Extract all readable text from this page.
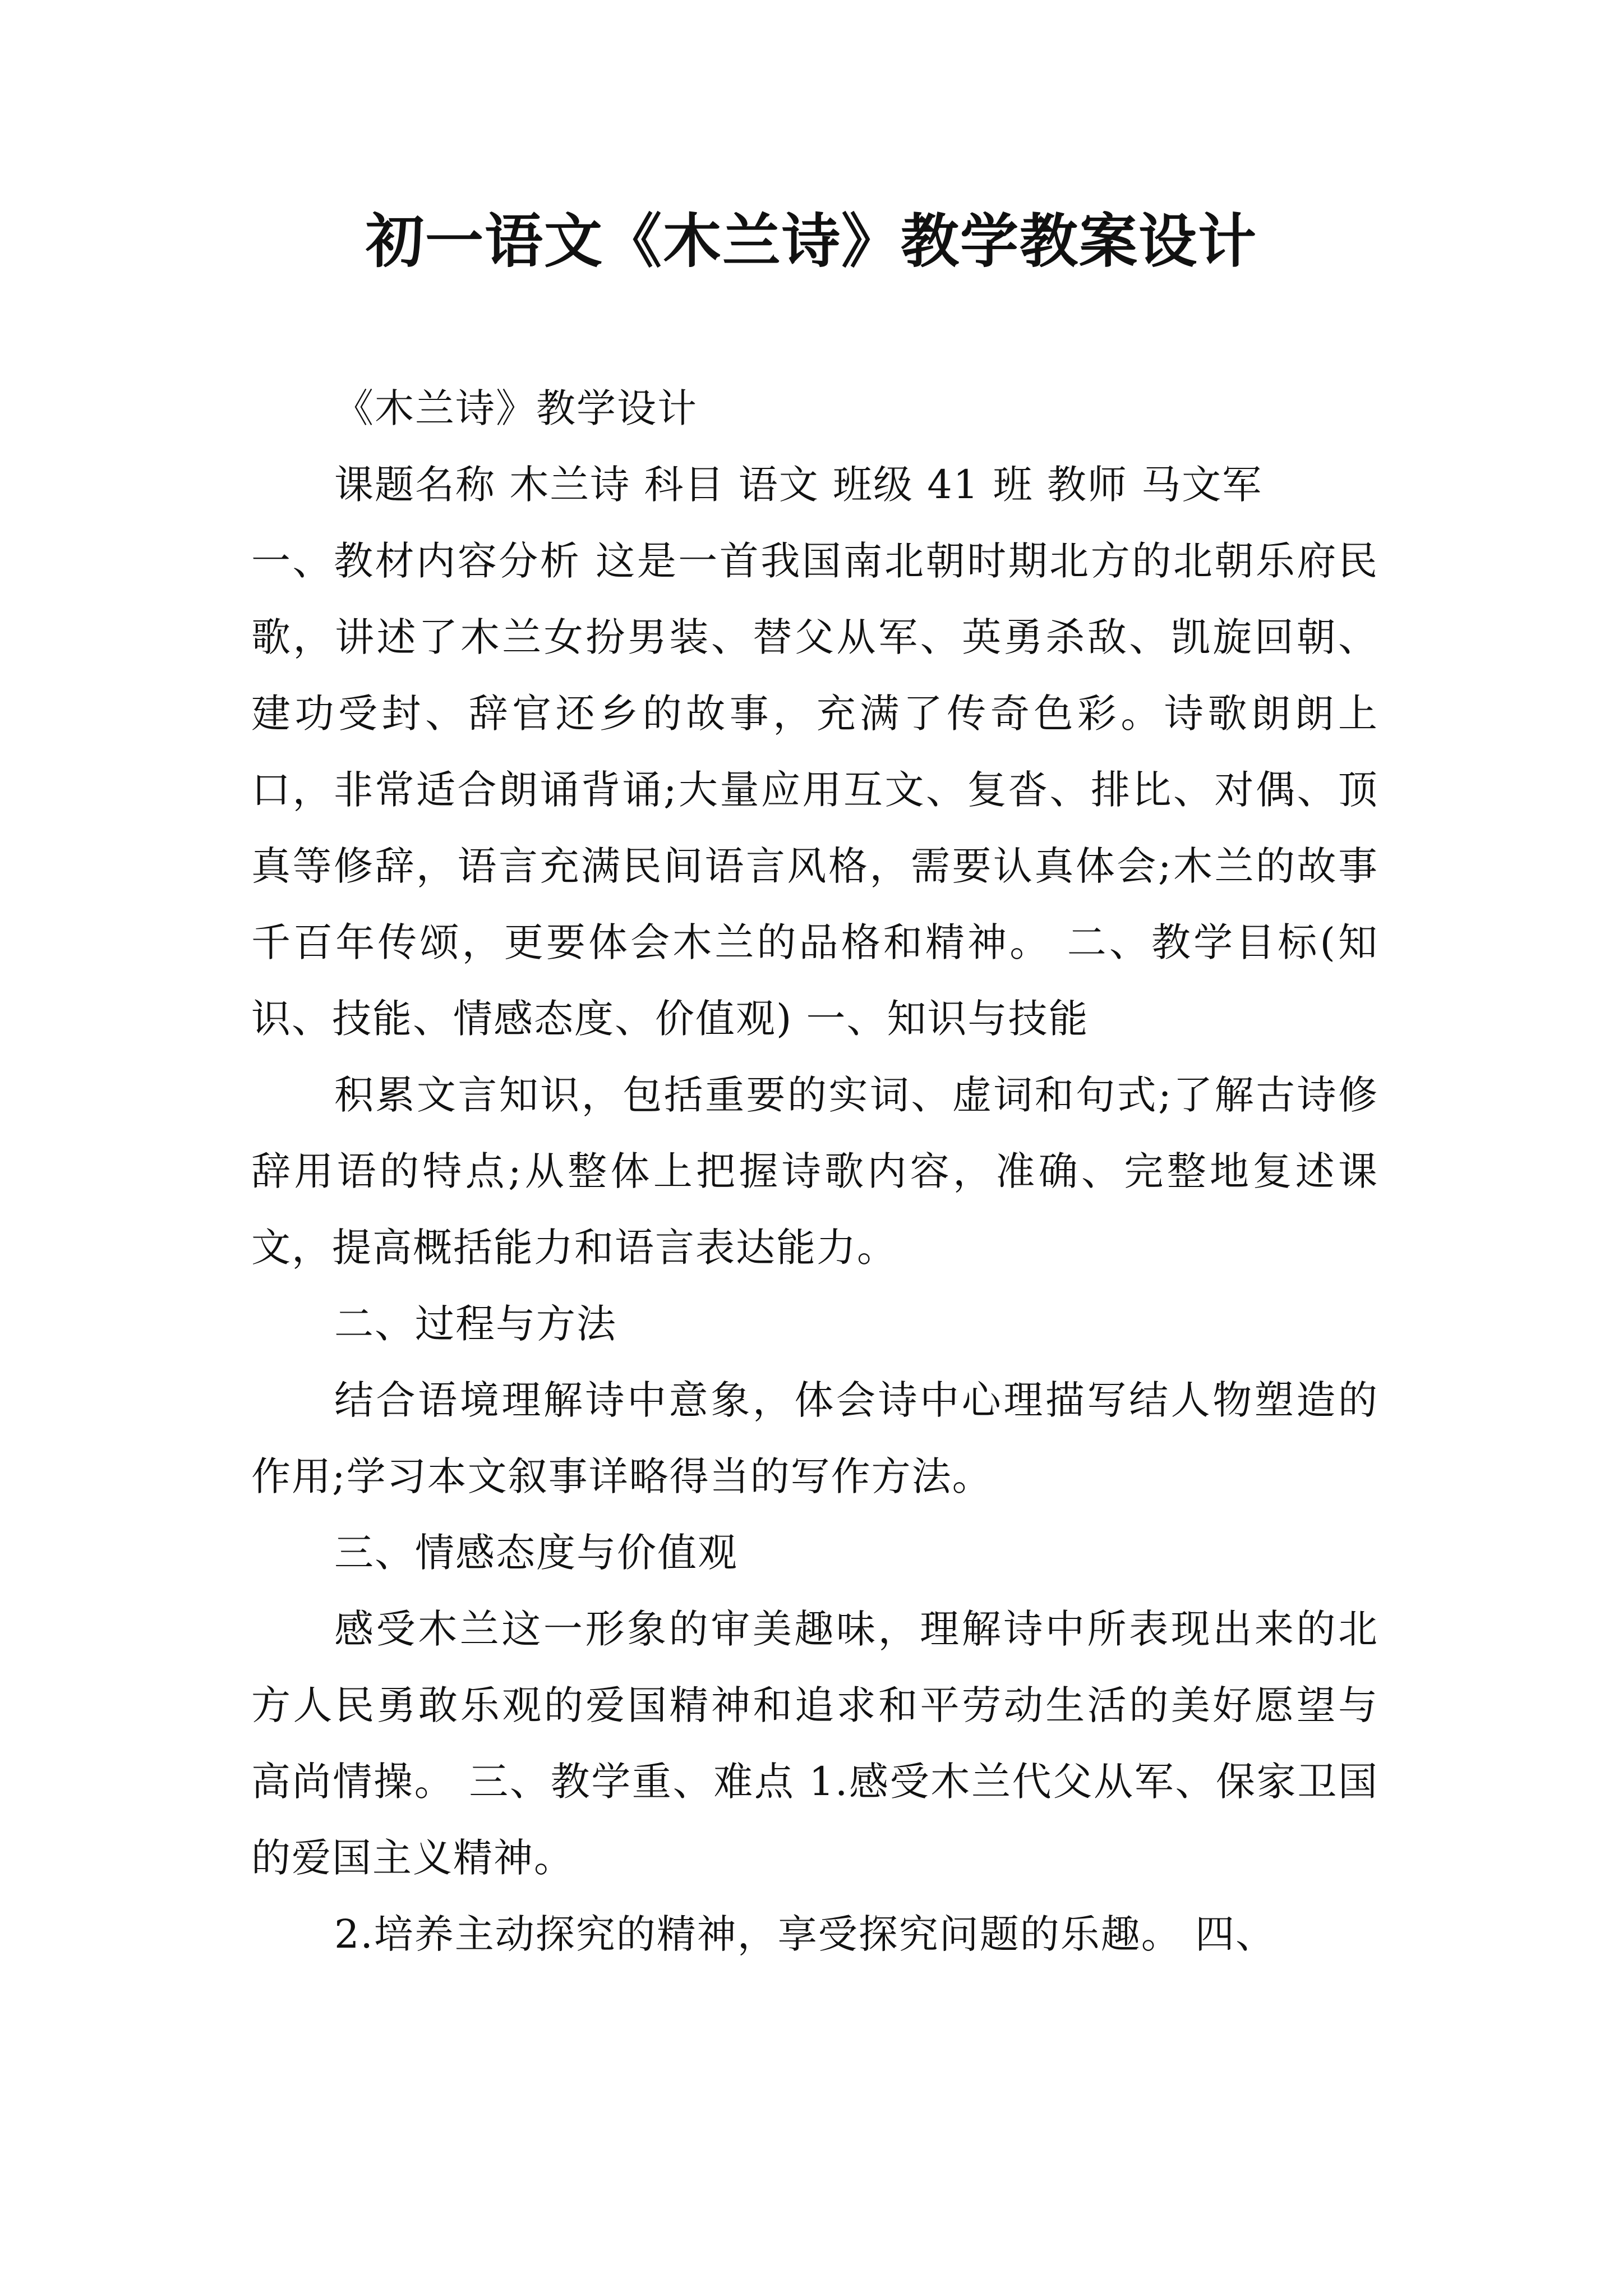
初一语文《木兰诗》教学教案设计

《木兰诗》教学设计

课题名称 木兰诗 科目 语文 班级 41 班 教师 马文军

一、教材内容分析 这是一首我国南北朝时期北方的北朝乐府民歌，讲述了木兰女扮男装、替父从军、英勇杀敌、凯旋回朝、建功受封、辞官还乡的故事，充满了传奇色彩。诗歌朗朗上口，非常适合朗诵背诵;大量应用互文、复沓、排比、对偶、顶真等修辞，语言充满民间语言风格，需要认真体会;木兰的故事千百年传颂，更要体会木兰的品格和精神。 二、教学目标(知识、技能、情感态度、价值观) 一、知识与技能

积累文言知识，包括重要的实词、虚词和句式;了解古诗修辞用语的特点;从整体上把握诗歌内容，准确、完整地复述课文，提高概括能力和语言表达能力。

二、过程与方法

结合语境理解诗中意象，体会诗中心理描写结人物塑造的作用;学习本文叙事详略得当的写作方法。

三、情感态度与价值观

感受木兰这一形象的审美趣味，理解诗中所表现出来的北方人民勇敢乐观的爱国精神和追求和平劳动生活的美好愿望与高尚情操。 三、教学重、难点 1.感受木兰代父从军、保家卫国的爱国主义精神。

2.培养主动探究的精神，享受探究问题的乐趣。 四、
